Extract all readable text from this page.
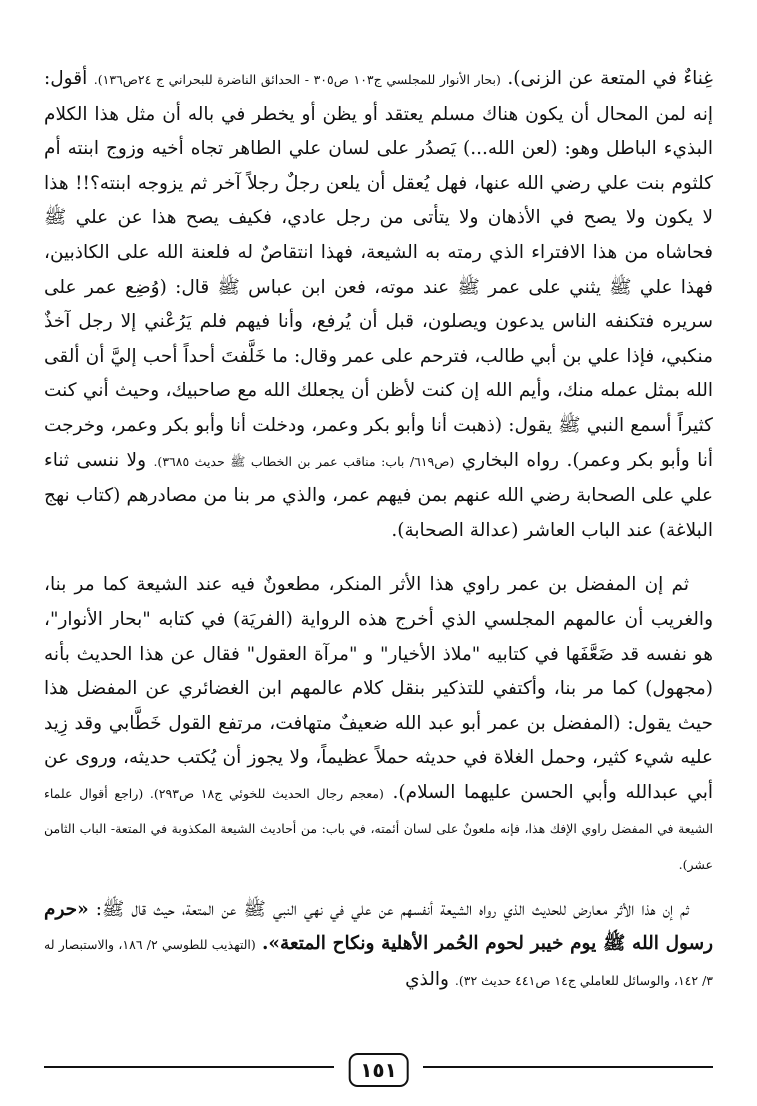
غِناءٌ في المتعة عن الزنى). (بحار الأنوار للمجلسي ج١٠٣ ص٣٠٥ - الحدائق الناضرة للبحراني ج ٢٤ص١٣٦). أقول: إنه لمن المحال أن يكون هناك مسلم يعتقد أو يظن أو يخطر في باله أن مثل هذا الكلام البذيء الباطل وهو: (لعن الله...) يَصدُر على لسان علي الطاهر تجاه أخيه وزوج ابنته أم كلثوم بنت علي رضي الله عنها، فهل يُعقل أن يلعن رجلٌ رجلاً آخر ثم يزوجه ابنته؟!! هذا لا يكون ولا يصح في الأذهان ولا يتأتى من رجل عادي، فكيف يصح هذا عن علي ﷺ فحاشاه من هذا الافتراء الذي رمته به الشيعة، فهذا انتقاصٌ له فلعنة الله على الكاذبين، فهذا علي ﷺ يثني على عمر ﷺ عند موته، فعن ابن عباس ﷺ قال: (وُضِع عمر على سريره فتكنفه الناس يدعون ويصلون، قبل أن يُرفع، وأنا فيهم فلم يَرُعْني إلا رجل آخذٌ منكبي، فإذا علي بن أبي طالب، فترحم على عمر وقال: ما خَلَّفتَ أحداً أحب إليَّ أن ألقى الله بمثل عمله منك، وأيم الله إن كنت لأظن أن يجعلك الله مع صاحبيك، وحيث أني كنت كثيراً أسمع النبي ﷺ يقول: (ذهبت أنا وأبو بكر وعمر، ودخلت أنا وأبو بكر وعمر، وخرجت أنا وأبو بكر وعمر). رواه البخاري (ص٦١٩/ باب: مناقب عمر بن الخطاب ﷺ حديث ٣٦٨٥). ولا ننسى ثناء علي على الصحابة رضي الله عنهم بمن فيهم عمر، والذي مر بنا من مصادرهم (كتاب نهج البلاغة) عند الباب العاشر (عدالة الصحابة).

ثم إن المفضل بن عمر راوي هذا الأثر المنكر، مطعونٌ فيه عند الشيعة كما مر بنا، والغريب أن عالمهم المجلسي الذي أخرج هذه الرواية (الفريَة) في كتابه "بحار الأنوار"، هو نفسه قد ضَعَّفَها في كتابيه "ملاذ الأخيار" و "مرآة العقول" فقال عن هذا الحديث بأنه (مجهول) كما مر بنا، وأكتفي للتذكير بنقل كلام عالمهم ابن الغضائري عن المفضل هذا حيث يقول: (المفضل بن عمر أبو عبد الله ضعيفٌ متهافت، مرتفع القول خَطَّابي وقد زِيد عليه شيء كثير، وحمل الغلاة في حديثه حملاً عظيماً، ولا يجوز أن يُكتب حديثه، وروى عن أبي عبدالله وأبي الحسن عليهما السلام). (معجم رجال الحديث للخوئي ج١٨ ص٢٩٣). (راجع أقوال علماء الشيعة في المفضل راوي الإفك هذا، فإنه ملعونٌ على لسان أئمته، في باب: من أحاديث الشيعة المكذوبة في المتعة- الباب الثامن عشر).

ثم إن هذا الأثر معارض للحديث الذي رواه الشيعة أنفسهم عن علي في نهي النبي ﷺ عن المتعة، حيث قال ﷺ: «حرم رسول الله ﷺ يوم خيبر لحوم الحُمر الأهلية ونكاح المتعة». (التهذيب للطوسي ٢/ ١٨٦، والاستبصار له ٣/ ١٤٢، والوسائل للعاملي ج١٤ ص٤٤١ حديث ٣٢). والذي

١٥١
